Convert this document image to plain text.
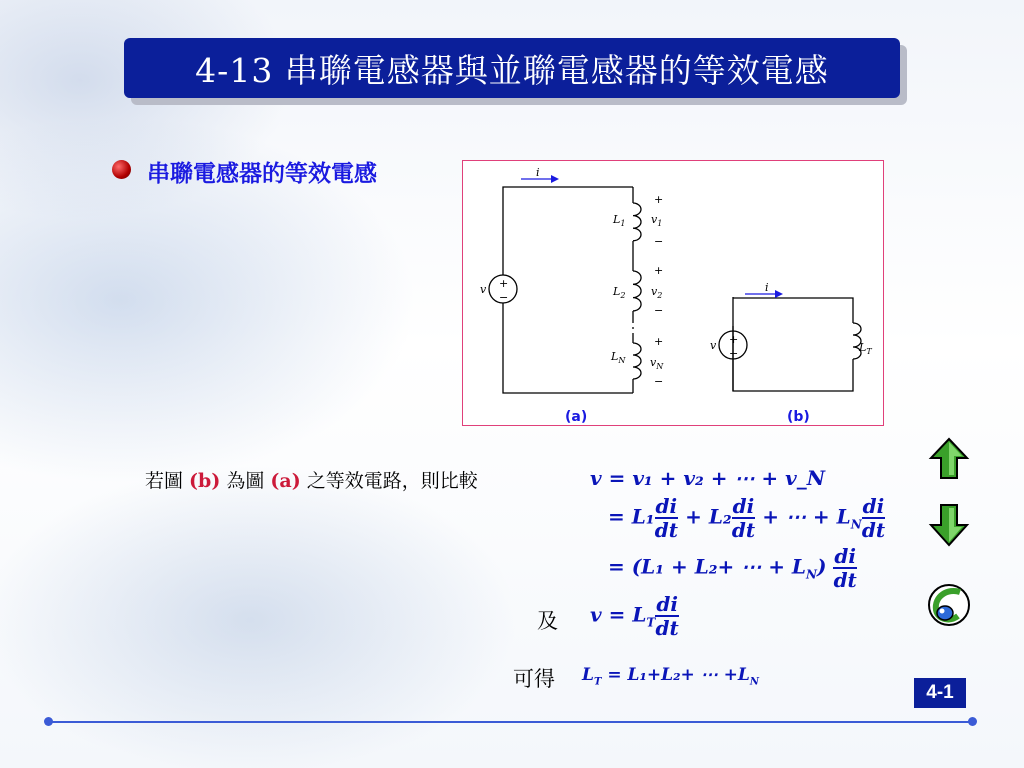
4-13 串聯電感器與並聯電感器的等效電感
串聯電感器的等效電感	i
i
v
v
$L_1$
$L_2$
$L_N$
$v_1$
$v_2$
$v_N$
$L_T$
+
−
+
−
+
−
+
−
+
−
(a)	(b)
若圖 (b) 為圖 (a) 之等效電路，則比較	v = v₁ + v₂ + ⋯ + v_N
= $L_1 \frac{di}{dt} + L_2 \frac{di}{dt}$ + ⋯ + $L_N \frac{di}{dt}$
= (L₁ + L₂+ ⋯ + $L_N) \frac{di}{dt}$
及 $v = L_T \frac{di}{dt}$
可得 $L_T = L_1+L_2+$ ⋯ $+L_N$
4-1
